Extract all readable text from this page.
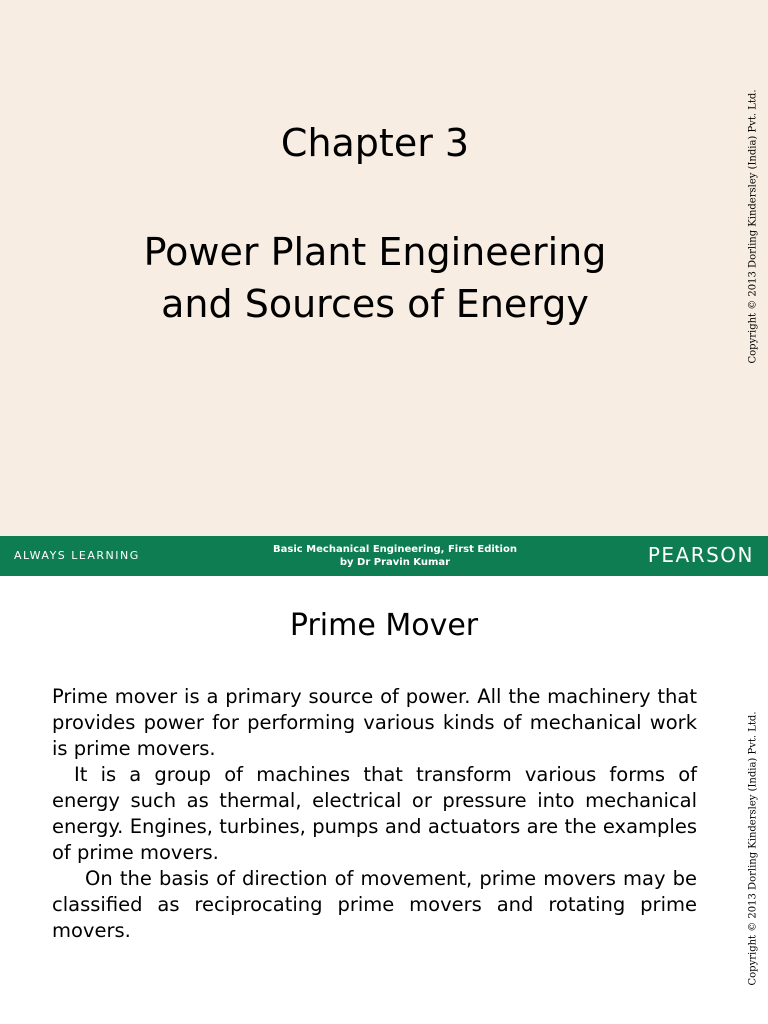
Chapter 3
Power Plant Engineering
and Sources of Energy	Copyright © 2013 Dorling Kindersley (India) Pvt. Ltd.
ALWAYS LEARNING	Basic Mechanical Engineering, First Edition
by Dr Pravin Kumar	PEARSON
Prime Mover

Prime mover is a primary source of power. All the machinery that provides power for performing various kinds of mechanical work is prime movers.

It is a group of machines that transform various forms of energy such as thermal, electrical or pressure into mechanical energy. Engines, turbines, pumps and actuators are the examples of prime movers.

On the basis of direction of movement, prime movers may be classified as reciprocating prime movers and rotating prime movers.	Copyright © 2013 Dorling Kindersley (India) Pvt. Ltd.
